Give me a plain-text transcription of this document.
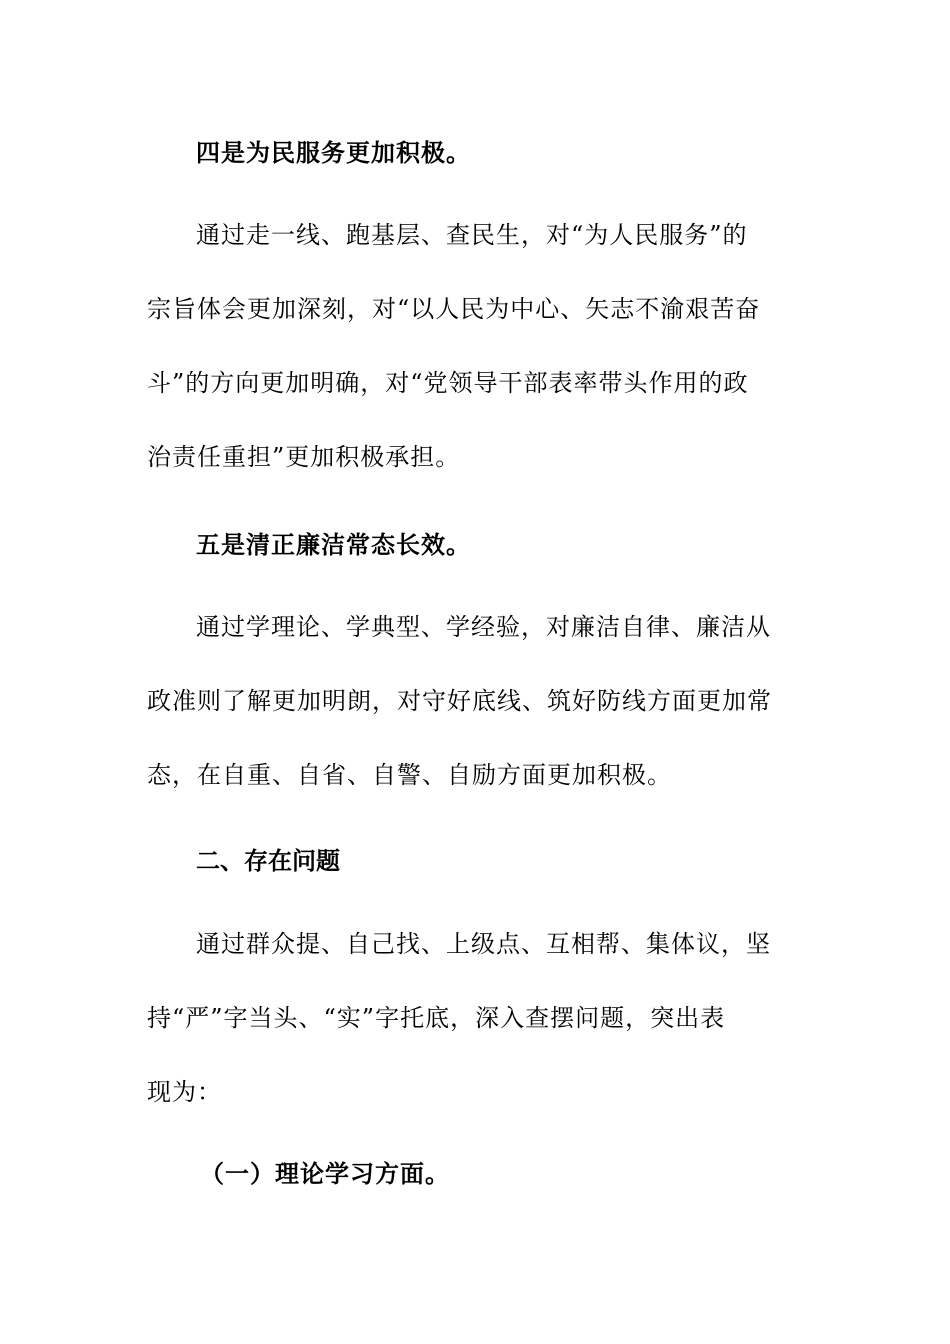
四是为民服务更加积极。
通过走一线、跑基层、查民生，对“为人民服务”的
宗旨体会更加深刻，对“以人民为中心、矢志不渝艰苦奋
斗”的方向更加明确，对“党领导干部表率带头作用的政
治责任重担”更加积极承担。
五是清正廉洁常态长效。
通过学理论、学典型、学经验，对廉洁自律、廉洁从
政准则了解更加明朗，对守好底线、筑好防线方面更加常
态，在自重、自省、自警、自励方面更加积极。
二、存在问题
通过群众提、自己找、上级点、互相帮、集体议，坚
持“严”字当头、“实”字托底，深入查摆问题，突出表
现为：
（一）理论学习方面。
